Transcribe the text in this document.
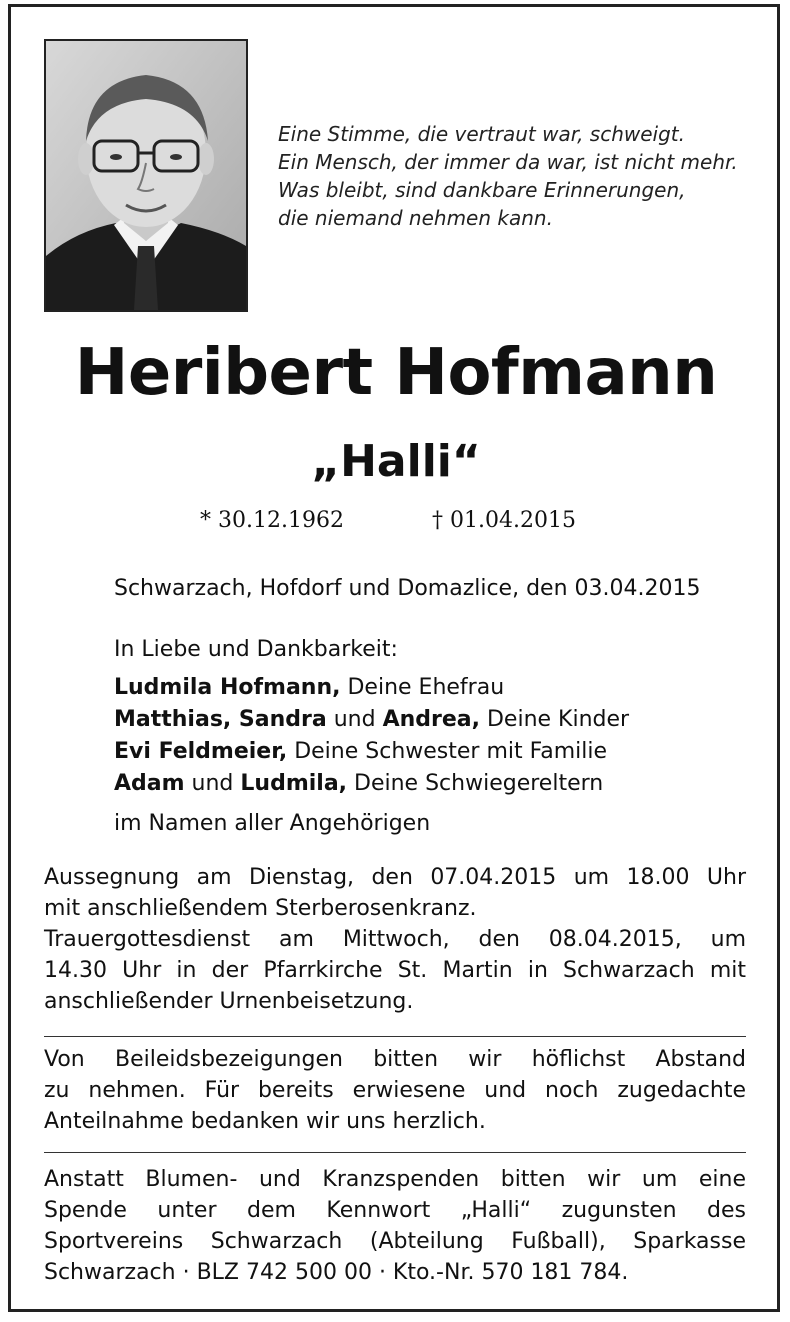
Eine Stimme, die vertraut war, schweigt.
Ein Mensch, der immer da war, ist nicht mehr.
Was bleibt, sind dankbare Erinnerungen,
die niemand nehmen kann.
Heribert Hofmann
„Halli“
* 30.12.1962	† 01.04.2015
Schwarzach, Hofdorf und Domazlice, den 03.04.2015
In Liebe und Dankbarkeit:
Ludmila Hofmann, Deine Ehefrau
Matthias, Sandra und Andrea, Deine Kinder
Evi Feldmeier, Deine Schwester mit Familie
Adam und Ludmila, Deine Schwiegereltern
im Namen aller Angehörigen
Aussegnung am Dienstag, den 07.04.2015 um 18.00 Uhr
mit anschließendem Sterberosenkranz.
Trauergottesdienst am Mittwoch, den 08.04.2015, um
14.30 Uhr in der Pfarrkirche St. Martin in Schwarzach mit
anschließender Urnenbeisetzung.
Von Beileidsbezeigungen bitten wir höflichst Abstand
zu nehmen. Für bereits erwiesene und noch zugedachte
Anteilnahme bedanken wir uns herzlich.
Anstatt Blumen- und Kranzspenden bitten wir um eine
Spende unter dem Kennwort „Halli“ zugunsten des
Sportvereins Schwarzach (Abteilung Fußball), Sparkasse
Schwarzach · BLZ 742 500 00 · Kto.-Nr. 570 181 784.
